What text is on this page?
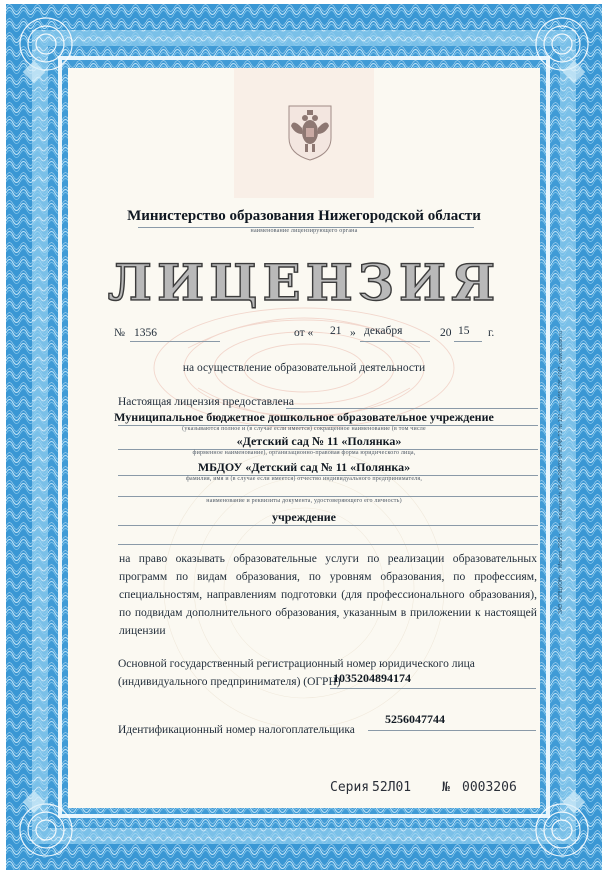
Министерство образования Нижегородской области
наименование лицензирующего органа
ЛИЦЕНЗИЯ
№ 1356	от « 21 » декабря	20 15 г.
на осуществление образовательной деятельности
Настоящая лицензия предоставлена
Муниципальное бюджетное дошкольное образовательное учреждение
(указываются полное и (в случае если имеется) сокращенное наименование (в том числе
«Детский сад № 11 «Полянка»
фирменное наименование), организационно-правовая форма юридического лица,
МБДОУ «Детский сад № 11 «Полянка»
фамилия, имя и (в случае если имеется) отчество индивидуального предпринимателя,
наименование и реквизиты документа, удостоверяющего его личность)
учреждение
на право оказывать образовательные услуги по реализации образовательных программ по видам образования, по уровням образования, по профессиям, специальностям, направлениям подготовки (для профессионального образования), по подвидам дополнительного образования, указанным в приложении к настоящей лицензии
Основной государственный регистрационный номер юридического лица
(индивидуального предпринимателя) (ОГРН)
1035204894174
5256047744
Идентификационный номер налогоплательщика
Серия 52Л01 № 0003206
ЗАО «ОПЦИОН», г. Москва, 2015 г. «В», лицензия № 05-05-09/003 ФНС РФ, ТЗ № 122, тел. (495) 726-4742, www.opcion.ru
